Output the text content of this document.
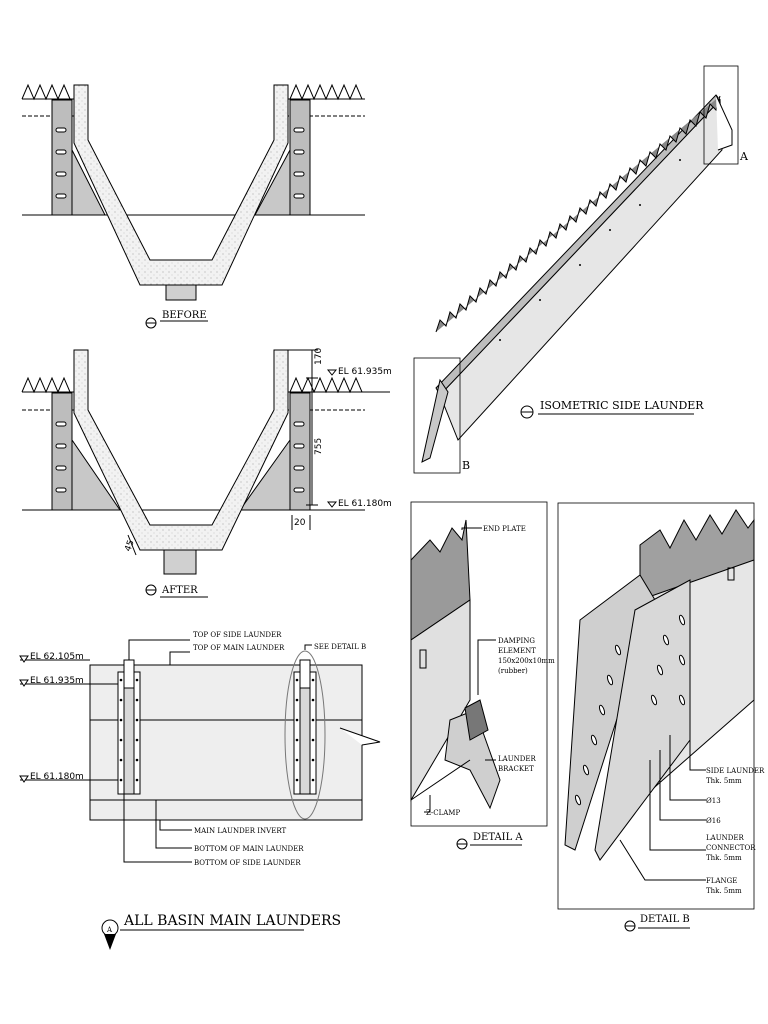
BEFORE
170
EL 61.935m
755
EL 61.180m
20
45
AFTER
A
B
ISOMETRIC SIDE LAUNDER
EL 62.105m
EL 61.935m
EL 61.180m
TOP OF SIDE LAUNDER
TOP OF MAIN LAUNDER	SEE DETAIL B
MAIN LAUNDER INVERT
BOTTOM OF MAIN LAUNDER
BOTTOM OF SIDE LAUNDER
A
ALL BASIN MAIN LAUNDERS
END PLATE
DAMPING
ELEMENT
150x200x10mm
(rubber)
LAUNDER
BRACKET
Z-CLAMP
DETAIL A
SIDE LAUNDER
Thk. 5mm
Ø13
Ø16
LAUNDER
CONNECTOR
Thk. 5mm
FLANGE
Thk. 5mm
DETAIL B
